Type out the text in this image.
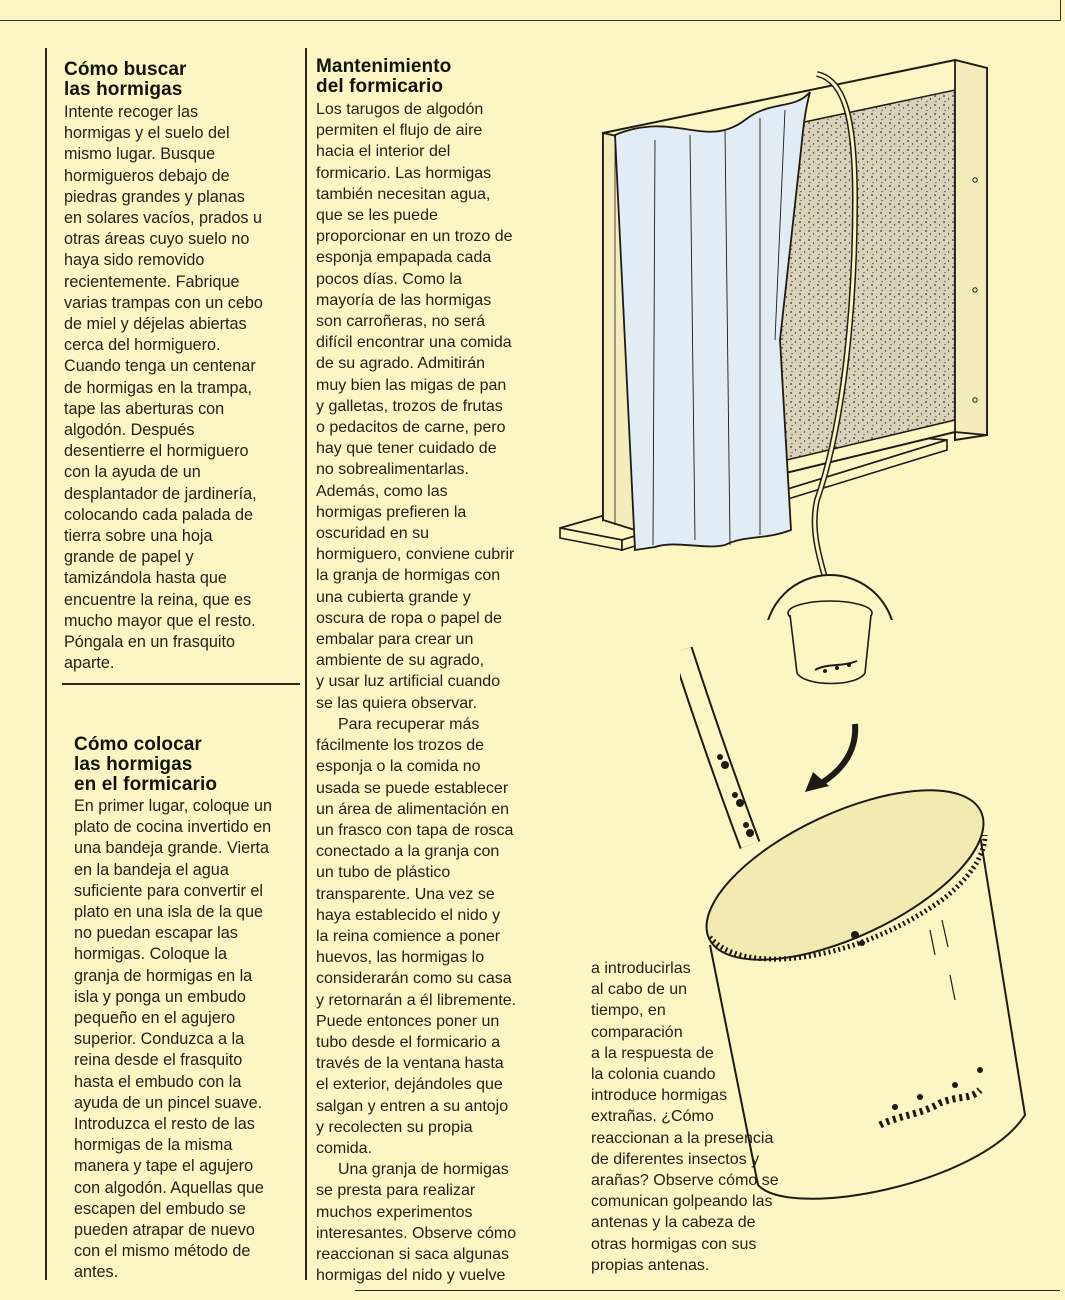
Cómo buscar
las hormigas

Intente recoger las
hormigas y el suelo del
mismo lugar. Busque
hormigueros debajo de
piedras grandes y planas
en solares vacíos, prados u
otras áreas cuyo suelo no
haya sido removido
recientemente. Fabrique
varias trampas con un cebo
de miel y déjelas abiertas
cerca del hormiguero.
Cuando tenga un centenar
de hormigas en la trampa,
tape las aberturas con
algodón. Después
desentierre el hormiguero
con la ayuda de un
desplantador de jardinería,
colocando cada palada de
tierra sobre una hoja
grande de papel y
tamizándola hasta que
encuentre la reina, que es
mucho mayor que el resto.
Póngala en un frasquito
aparte.

Cómo colocar
las hormigas
en el formicario

En primer lugar, coloque un
plato de cocina invertido en
una bandeja grande. Vierta
en la bandeja el agua
suficiente para convertir el
plato en una isla de la que
no puedan escapar las
hormigas. Coloque la
granja de hormigas en la
isla y ponga un embudo
pequeño en el agujero
superior. Conduzca a la
reina desde el frasquito
hasta el embudo con la
ayuda de un pincel suave.
Introduzca el resto de las
hormigas de la misma
manera y tape el agujero
con algodón. Aquellas que
escapen del embudo se
pueden atrapar de nuevo
con el mismo método de
antes.

Mantenimiento
del formicario

Los tarugos de algodón
permiten el flujo de aire
hacia el interior del
formicario. Las hormigas
también necesitan agua,
que se les puede
proporcionar en un trozo de
esponja empapada cada
pocos días. Como la
mayoría de las hormigas
son carroñeras, no será
difícil encontrar una comida
de su agrado. Admitirán
muy bien las migas de pan
y galletas, trozos de frutas
o pedacitos de carne, pero
hay que tener cuidado de
no sobrealimentarlas.
Además, como las
hormigas prefieren la
oscuridad en su
hormiguero, conviene cubrir
la granja de hormigas con
una cubierta grande y
oscura de ropa o papel de
embalar para crear un
ambiente de su agrado,
y usar luz artificial cuando
se las quiera observar.
Para recuperar más
fácilmente los trozos de
esponja o la comida no
usada se puede establecer
un área de alimentación en
un frasco con tapa de rosca
conectado a la granja con
un tubo de plástico
transparente. Una vez se
haya establecido el nido y
la reina comience a poner
huevos, las hormigas lo
considerarán como su casa
y retornarán a él libremente.
Puede entonces poner un
tubo desde el formicario a
través de la ventana hasta
el exterior, dejándoles que
salgan y entren a su antojo
y recolecten su propia
comida.
Una granja de hormigas
se presta para realizar
muchos experimentos
interesantes. Observe cómo
reaccionan si saca algunas
hormigas del nido y vuelve

a introducirlas
al cabo de un
tiempo, en
comparación
a la respuesta de
la colonia cuando
introduce hormigas
extrañas. ¿Cómo
reaccionan a la presencia
de diferentes insectos y
arañas? Observe cómo se
comunican golpeando las
antenas y la cabeza de
otras hormigas con sus
propias antenas.
